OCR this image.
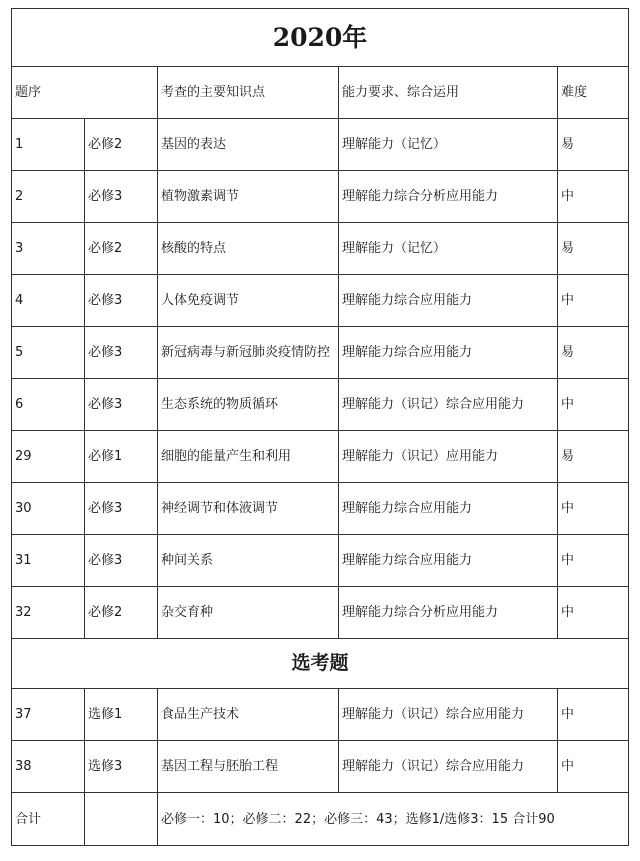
2020年				
题序		考查的主要知识点	能力要求、综合运用	难度
1	必修2	基因的表达	理解能力（记忆）	易
2	必修3	植物激素调节	理解能力综合分析应用能力	中
3	必修2	核酸的特点	理解能力（记忆）	易
4	必修3	人体免疫调节	理解能力综合应用能力	中
5	必修3	新冠病毒与新冠肺炎疫情防控	理解能力综合应用能力	易
6	必修3	生态系统的物质循环	理解能力（识记）综合应用能力	中
29	必修1	细胞的能量产生和利用	理解能力（识记）应用能力	易
30	必修3	神经调节和体液调节	理解能力综合应用能力	中
31	必修3	种间关系	理解能力综合应用能力	中
32	必修2	杂交育种	理解能力综合分析应用能力	中
选考题				
37	选修1	食品生产技术	理解能力（识记）综合应用能力	中
38	选修3	基因工程与胚胎工程	理解能力（识记）综合应用能力	中
合计		必修一：10；必修二：22；必修三：43；选修1/选修3：15 合计90		
